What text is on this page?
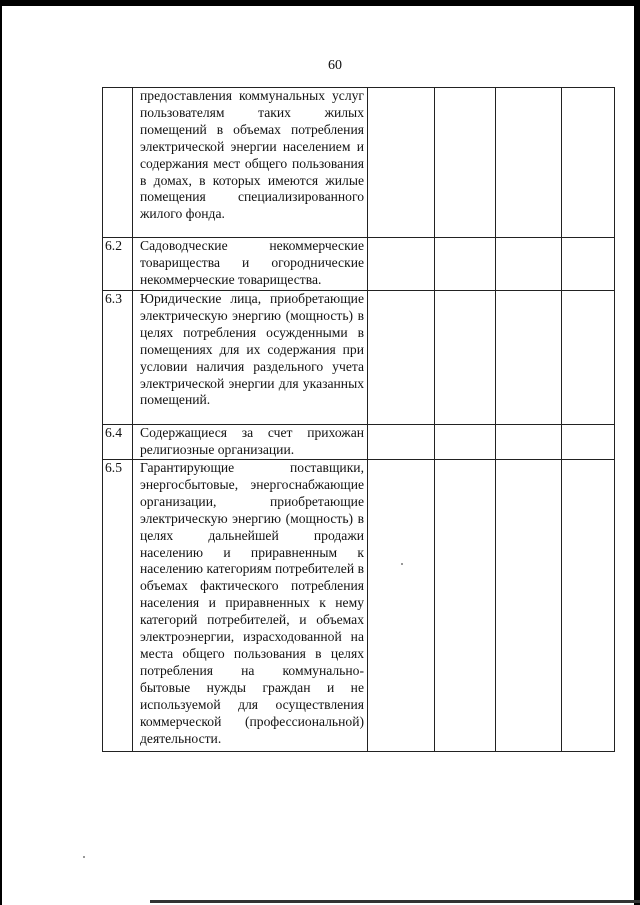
60

	предоставления коммунальных услуг пользователям таких жилых помещений в объемах потребления электрической энергии населением и содержания мест общего пользования в домах, в которых имеются жилые помещения специализированного жилого фонда.				

6.2	Садоводческие некоммерческие товарищества и огороднические некоммерческие товарищества.				

6.3	Юридические лица, приобретающие электрическую энергию (мощность) в целях потребления осужденными в помещениях для их содержания при условии наличия раздельного учета электрической энергии для указанных помещений.				

6.4	Содержащиеся за счет прихожан религиозные организации.				

6.5	Гарантирующие поставщики, энергосбытовые, энергоснабжающие организации, приобретающие электрическую энергию (мощность) в целях дальнейшей продажи населению и приравненным к населению категориям потребителей в объемах фактического потребления населения и приравненных к нему категорий потребителей, и объемах электроэнергии, израсходованной на места общего пользования в целях потребления на коммунально-бытовые нужды граждан и не используемой для осуществления коммерческой (профессиональной) деятельности.				
